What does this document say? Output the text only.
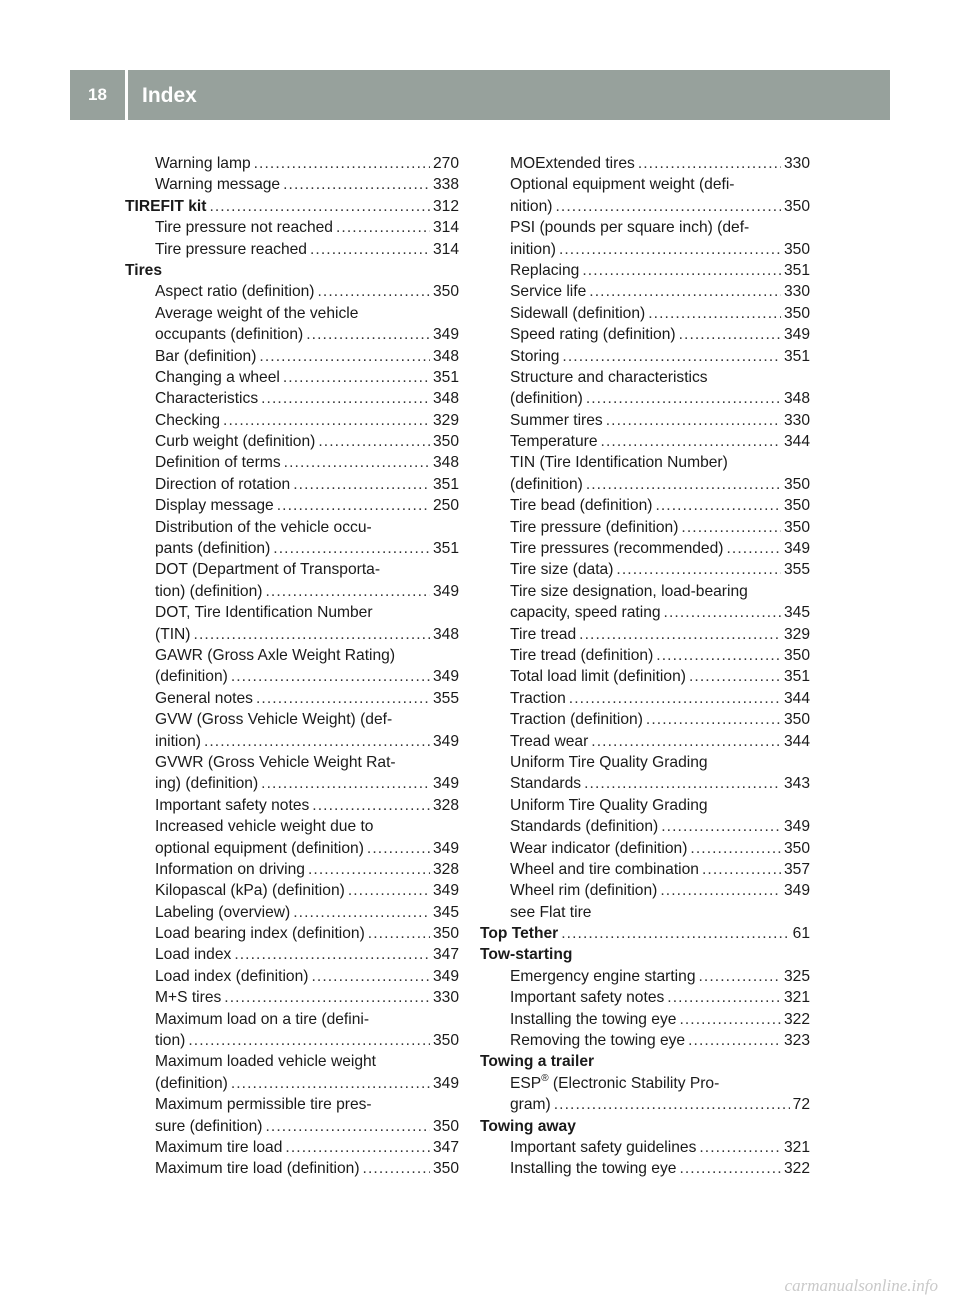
18	Index
Warning lamp .....	270
Warning message .....	338
TIREFIT kit .....	312
Tire pressure not reached .....	314
Tire pressure reached .....	314
Tires
Aspect ratio (definition) .....	350
Average weight of the vehicle
occupants (definition) .....	349
Bar (definition) .....	348
Changing a wheel .....	351
Characteristics .....	348
Checking .....	329
Curb weight (definition) .....	350
Definition of terms .....	348
Direction of rotation .....	351
Display message .....	250
Distribution of the vehicle occu-
pants (definition) .....	351
DOT (Department of Transporta-
tion) (definition) .....	349
DOT, Tire Identification Number
(TIN) .....	348
GAWR (Gross Axle Weight Rating)
(definition) .....	349
General notes .....	355
GVW (Gross Vehicle Weight) (def-
inition) .....	349
GVWR (Gross Vehicle Weight Rat-
ing) (definition) .....	349
Important safety notes .....	328
Increased vehicle weight due to
optional equipment (definition) .....	349
Information on driving .....	328
Kilopascal (kPa) (definition) .....	349
Labeling (overview) .....	345
Load bearing index (definition) .....	350
Load index .....	347
Load index (definition) .....	349
M+S tires .....	330
Maximum load on a tire (defini-
tion) .....	350
Maximum loaded vehicle weight
(definition) .....	349
Maximum permissible tire pres-
sure (definition) .....	350
Maximum tire load .....	347
Maximum tire load (definition) .....	350
MOExtended tires .....	330
Optional equipment weight (defi-
nition) .....	350
PSI (pounds per square inch) (def-
inition) .....	350
Replacing .....	351
Service life .....	330
Sidewall (definition) .....	350
Speed rating (definition) .....	349
Storing .....	351
Structure and characteristics
(definition) .....	348
Summer tires .....	330
Temperature .....	344
TIN (Tire Identification Number)
(definition) .....	350
Tire bead (definition) .....	350
Tire pressure (definition) .....	350
Tire pressures (recommended) .....	349
Tire size (data) .....	355
Tire size designation, load-bearing
capacity, speed rating .....	345
Tire tread .....	329
Tire tread (definition) .....	350
Total load limit (definition) .....	351
Traction .....	344
Traction (definition) .....	350
Tread wear .....	344
Uniform Tire Quality Grading
Standards .....	343
Uniform Tire Quality Grading
Standards (definition) .....	349
Wear indicator (definition) .....	350
Wheel and tire combination .....	357
Wheel rim (definition) .....	349
see Flat tire
Top Tether .....	61
Tow-starting
Emergency engine starting .....	325
Important safety notes .....	321
Installing the towing eye .....	322
Removing the towing eye .....	323
Towing a trailer
ESP® (Electronic Stability Pro-
gram) .....	72
Towing away
Important safety guidelines .....	321
Installing the towing eye .....	322
carmanualsonline.info
